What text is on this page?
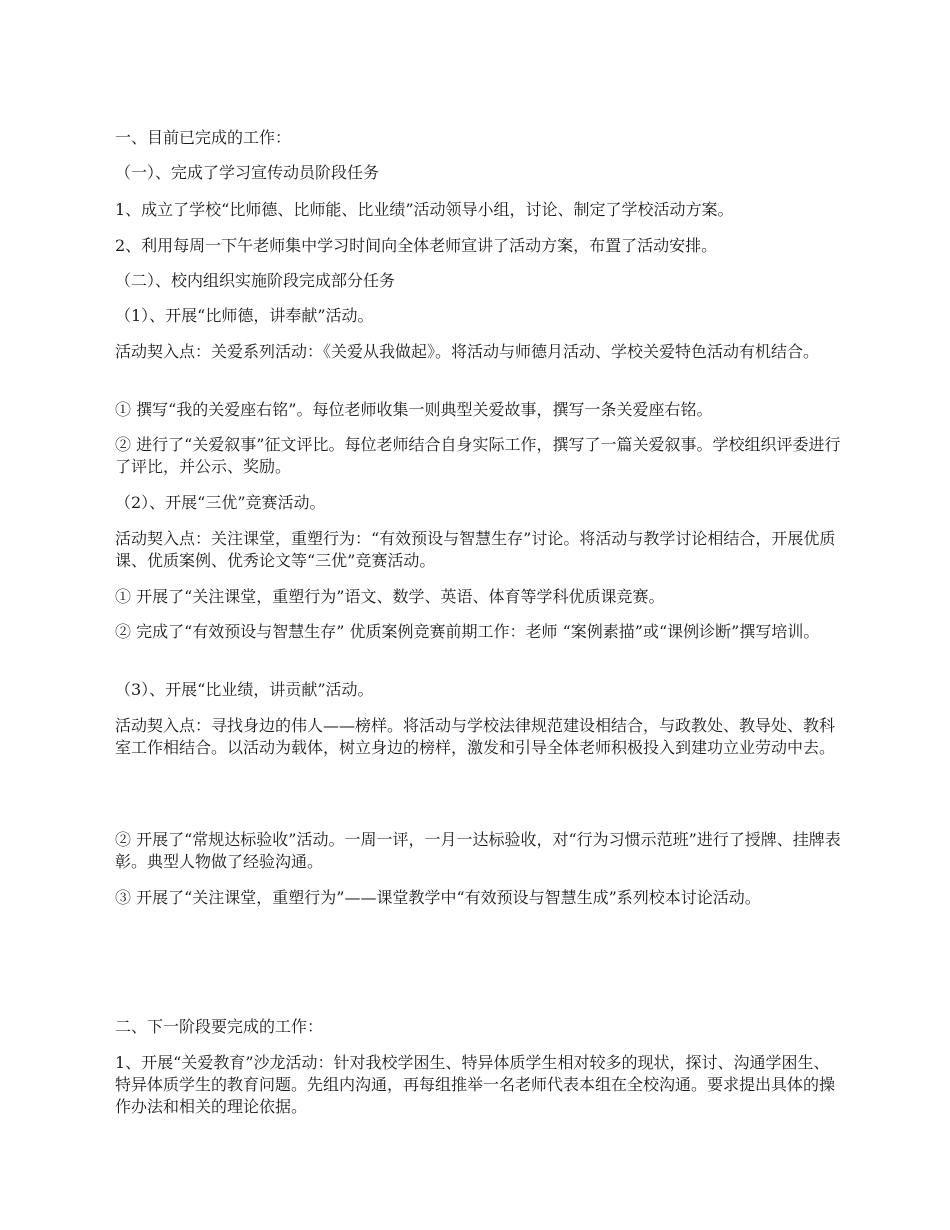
一、目前已完成的工作：

（一）、完成了学习宣传动员阶段任务

1、成立了学校“比师德、比师能、比业绩”活动领导小组，讨论、制定了学校活动方案。

2、利用每周一下午老师集中学习时间向全体老师宣讲了活动方案，布置了活动安排。

（二）、校内组织实施阶段完成部分任务

（1）、开展“比师德，讲奉献”活动。

活动契入点：关爱系列活动：《关爱从我做起》。将活动与师德月活动、学校关爱特色活动有机结合。

① 撰写“我的关爱座右铭”。每位老师收集一则典型关爱故事，撰写一条关爱座右铭。

② 进行了“关爱叙事”征文评比。每位老师结合自身实际工作，撰写了一篇关爱叙事。学校组织评委进行了评比，并公示、奖励。

（2）、开展“三优”竞赛活动。

活动契入点：关注课堂，重塑行为：“有效预设与智慧生存”讨论。将活动与教学讨论相结合，开展优质课、优质案例、优秀论文等“三优”竞赛活动。

① 开展了“关注课堂，重塑行为”语文、数学、英语、体育等学科优质课竞赛。

② 完成了“有效预设与智慧生存” 优质案例竞赛前期工作：老师 “案例素描”或“课例诊断”撰写培训。

（3）、开展“比业绩，讲贡献”活动。

活动契入点：寻找身边的伟人——榜样。将活动与学校法律规范建设相结合，与政教处、教导处、教科室工作相结合。以活动为载体，树立身边的榜样，激发和引导全体老师积极投入到建功立业劳动中去。

② 开展了“常规达标验收”活动。一周一评，一月一达标验收，对“行为习惯示范班”进行了授牌、挂牌表彰。典型人物做了经验沟通。

③ 开展了“关注课堂，重塑行为”——课堂教学中“有效预设与智慧生成”系列校本讨论活动。

二、下一阶段要完成的工作：

1、开展“关爱教育”沙龙活动：针对我校学困生、特异体质学生相对较多的现状，探讨、沟通学困生、特异体质学生的教育问题。先组内沟通，再每组推举一名老师代表本组在全校沟通。要求提出具体的操作办法和相关的理论依据。
